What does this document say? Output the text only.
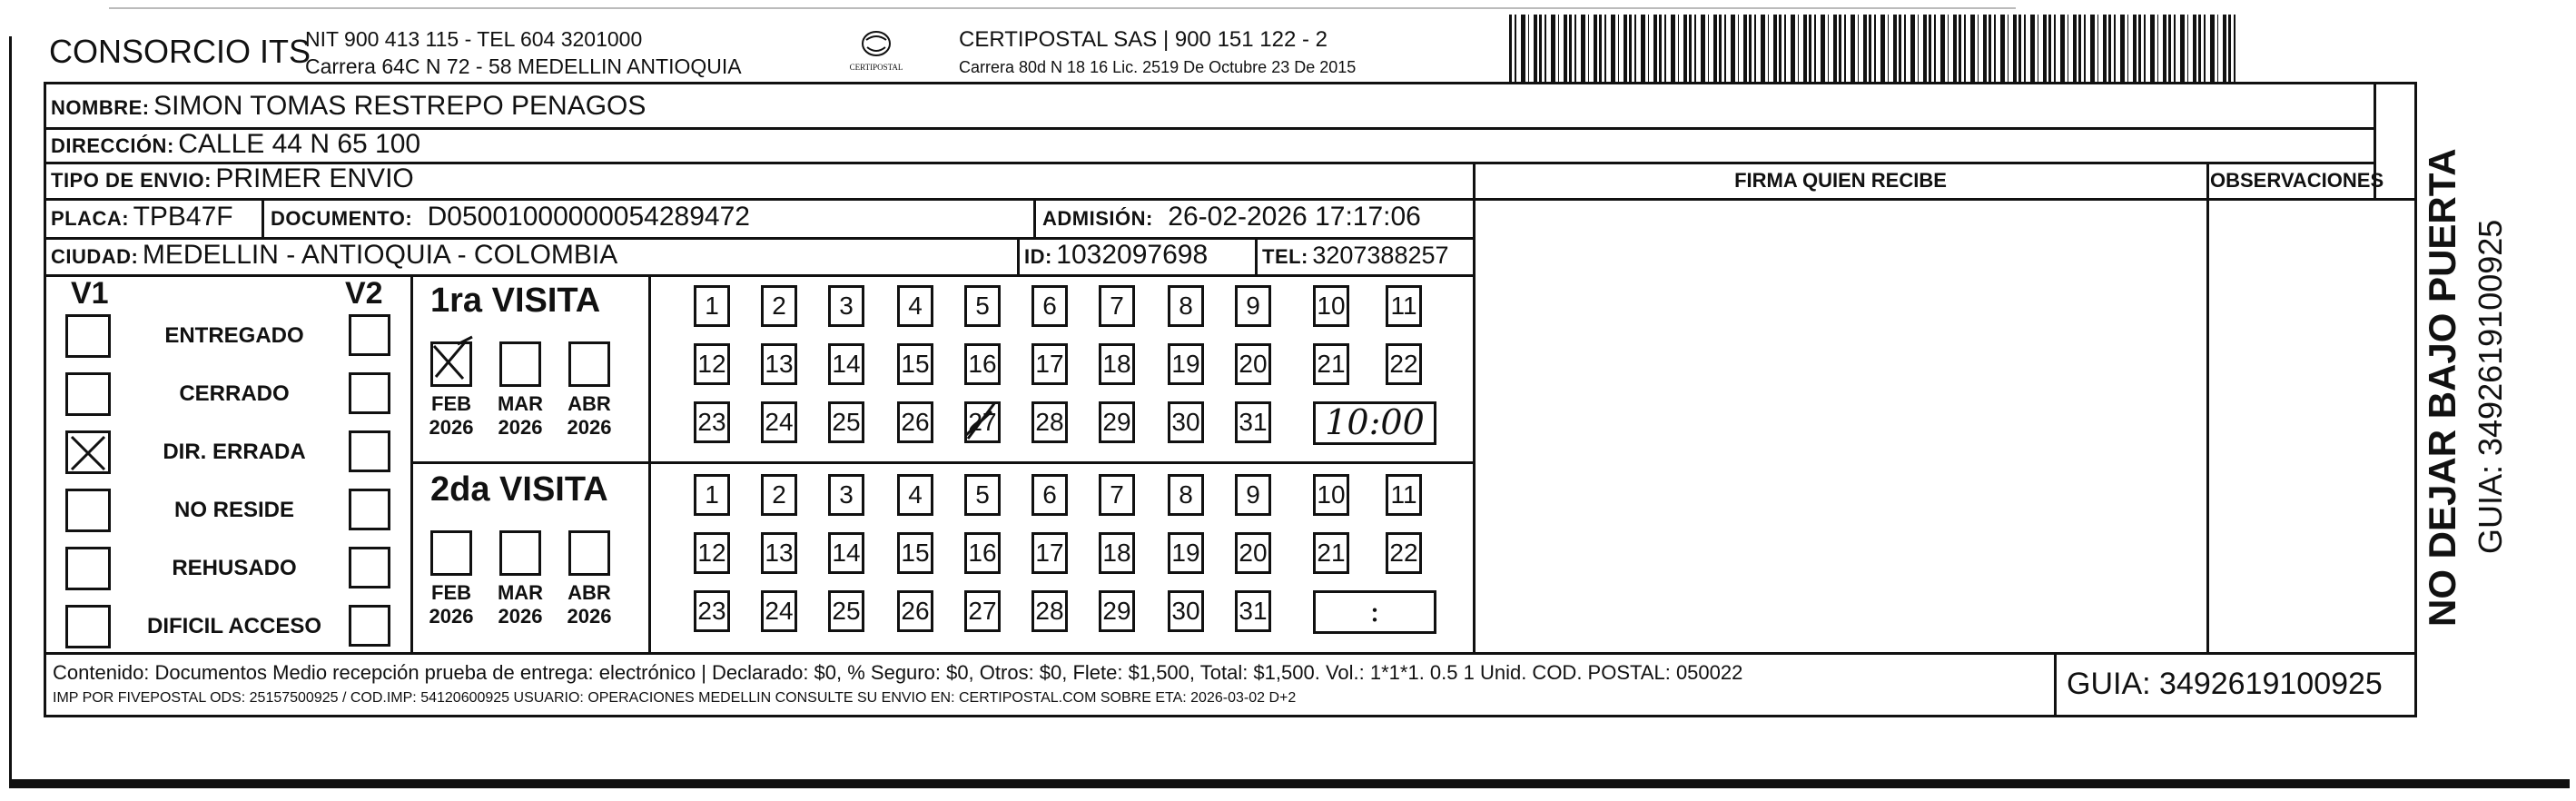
CONSORCIO ITS
NIT 900 413 115 - TEL 604 3201000
Carrera 64C N 72 - 58 MEDELLIN ANTIOQUIA	CERTIPOSTAL
CERTIPOSTAL SAS | 900 151 122 - 2
Carrera 80d N 18 16 Lic. 2519 De Octubre 23 De 2015
NOMBRE: SIMON TOMAS RESTREPO PENAGOS
DIRECCIÓN: CALLE 44 N 65 100
TIPO DE ENVIO: PRIMER ENVIO
PLACA: TPB47F DOCUMENTO: D05001000000054289472	ADMISIÓN: 26-02-2026 17:17:06
CIUDAD: MEDELLIN - ANTIOQUIA - COLOMBIA	ID: 1032097698	TEL: 3207388257
FIRMA QUIEN RECIBE	OBSERVACIONES
V1	V2
ENTREGADO
CERRADO
DIR. ERRADA
NO RESIDE
REHUSADO
DIFICIL ACCESO
1ra VISITA
FEB
2026
MAR
2026
ABR
2026
1	2	3	4	5	6	7	8	9	10 11
12 13 14 15 16 17 18 19 20 21 22
23 24 25 26 27 28 29 30 31	10:00
2da VISITA
FEB
2026
MAR
2026
ABR
2026
1	2	3	4	5	6	7	8	9	10 11
12 13 14 15 16 17 18 19 20 21 22
23 24 25 26 27 28 29 30 31	:
Contenido: Documentos Medio recepción prueba de entrega: electrónico | Declarado: $0, % Seguro: $0, Otros: $0, Flete: $1,500, Total: $1,500. Vol.: 1*1*1. 0.5 1 Unid. COD. POSTAL: 050022
IMP POR FIVEPOSTAL ODS: 25157500925 / COD.IMP: 54120600925 USUARIO: OPERACIONES MEDELLIN CONSULTE SU ENVIO EN: CERTIPOSTAL.COM SOBRE ETA: 2026-03-02 D+2	GUIA: 3492619100925
NO DEJAR BAJO PUERTA GUIA: 3492619100925
